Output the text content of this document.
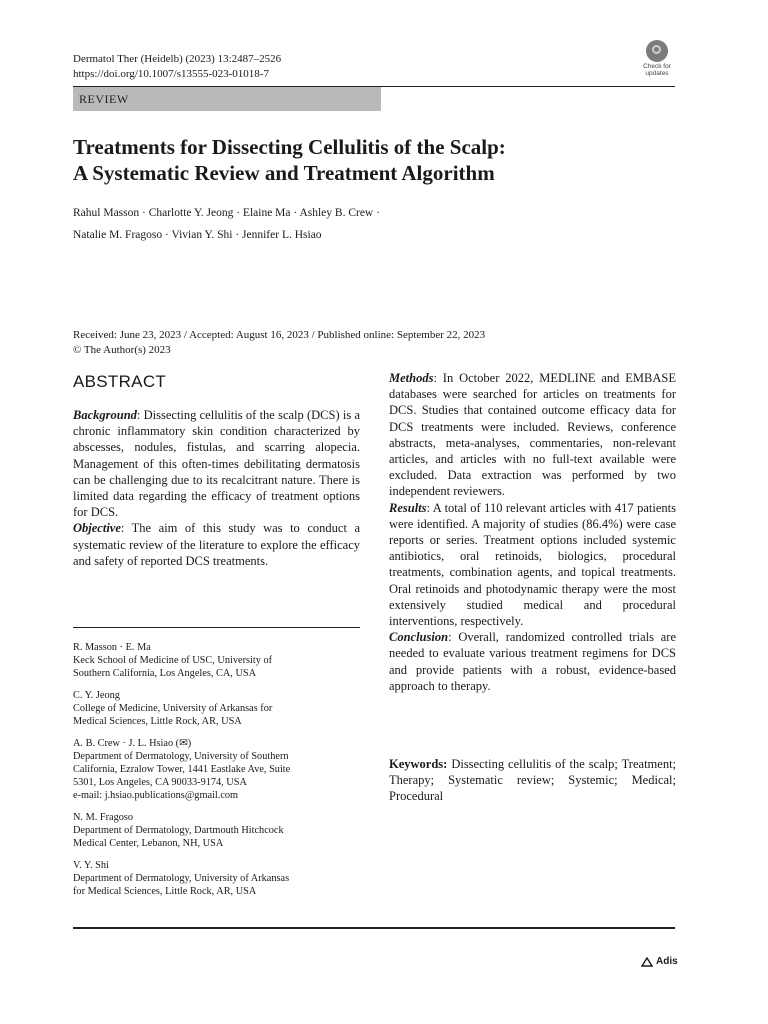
Dermatol Ther (Heidelb) (2023) 13:2487–2526
https://doi.org/10.1007/s13555-023-01018-7
Check for
updates
REVIEW
Treatments for Dissecting Cellulitis of the Scalp:
A Systematic Review and Treatment Algorithm
Rahul Masson · Charlotte Y. Jeong · Elaine Ma · Ashley B. Crew ·
Natalie M. Fragoso · Vivian Y. Shi · Jennifer L. Hsiao
Received: June 23, 2023 / Accepted: August 16, 2023 / Published online: September 22, 2023
© The Author(s) 2023
ABSTRACT

Background: Dissecting cellulitis of the scalp (DCS) is a chronic inflammatory skin condition characterized by abscesses, nodules, fistulas, and scarring alopecia. Management of this often-times debilitating dermatosis can be challenging due to its recalcitrant nature. There is limited data regarding the efficacy of treatment options for DCS.

Objective: The aim of this study was to conduct a systematic review of the literature to explore the efficacy and safety of reported DCS treatments.

R. Masson · E. Ma
Keck School of Medicine of USC, University of
Southern California, Los Angeles, CA, USA
C. Y. Jeong
College of Medicine, University of Arkansas for
Medical Sciences, Little Rock, AR, USA
A. B. Crew · J. L. Hsiao (✉)
Department of Dermatology, University of Southern
California, Ezralow Tower, 1441 Eastlake Ave, Suite
5301, Los Angeles, CA 90033-9174, USA
e-mail: j.hsiao.publications@gmail.com
N. M. Fragoso
Department of Dermatology, Dartmouth Hitchcock
Medical Center, Lebanon, NH, USA
V. Y. Shi
Department of Dermatology, University of Arkansas
for Medical Sciences, Little Rock, AR, USA

Methods: In October 2022, MEDLINE and EMBASE databases were searched for articles on treatments for DCS. Studies that contained outcome efficacy data for DCS treatments were included. Reviews, conference abstracts, meta-analyses, commentaries, non-relevant articles, and articles with no full-text available were excluded. Data extraction was performed by two independent reviewers.

Results: A total of 110 relevant articles with 417 patients were identified. A majority of studies (86.4%) were case reports or series. Treatment options included systemic antibiotics, oral retinoids, biologics, procedural treatments, combination agents, and topical treatments. Oral retinoids and photodynamic therapy were the most extensively studied medical and procedural interventions, respectively.

Conclusion: Overall, randomized controlled trials are needed to evaluate various treatment regimens for DCS and provide patients with a robust, evidence-based approach to therapy.

Keywords: Dissecting cellulitis of the scalp; Treatment; Therapy; Systematic review; Systemic; Medical; Procedural
Adis
